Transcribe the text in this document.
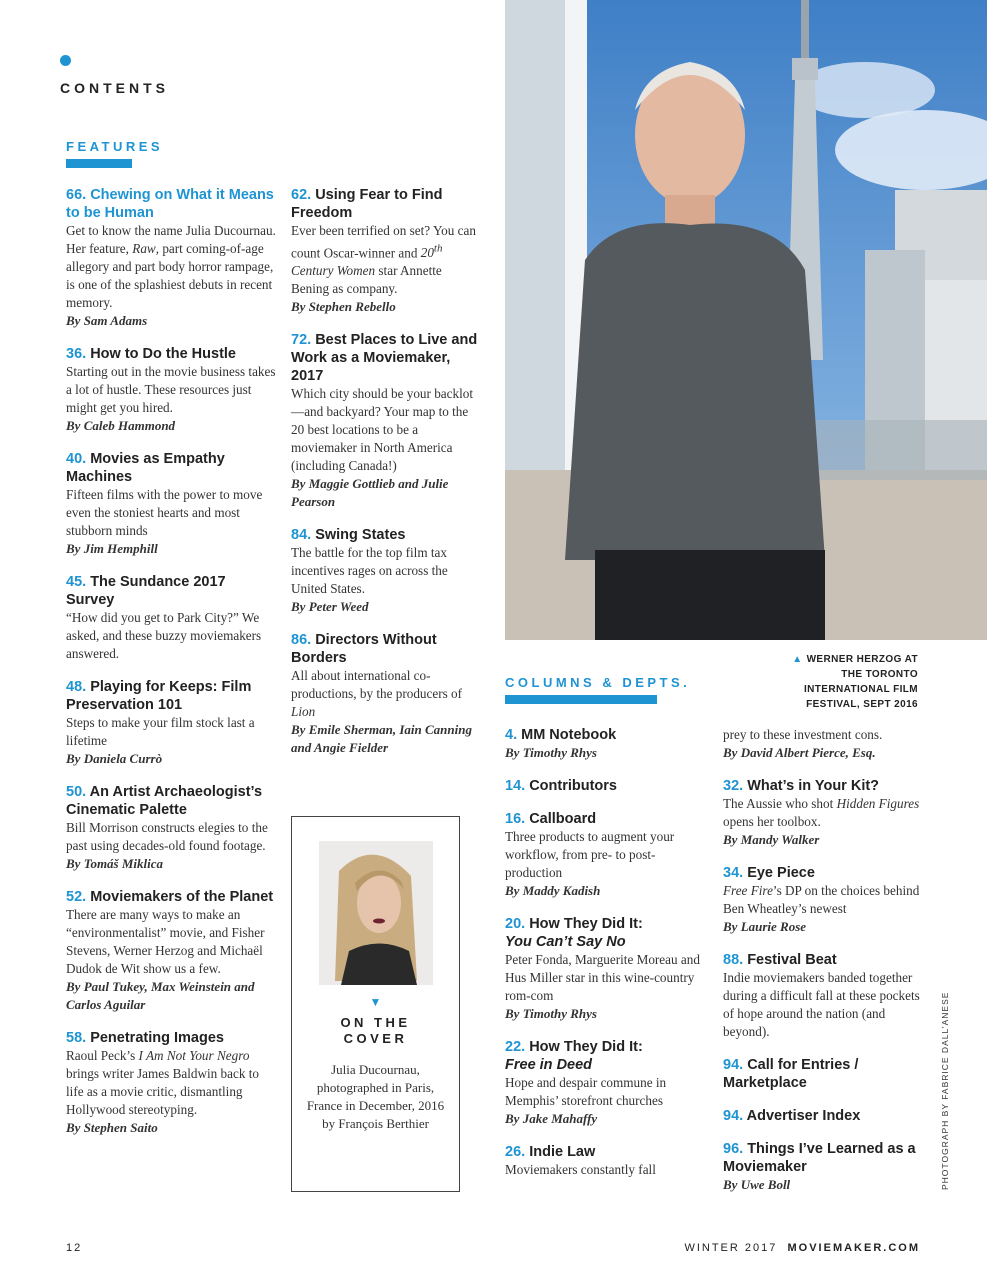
CONTENTS
FEATURES
66. Chewing on What it Means to be Human
Get to know the name Julia Ducournau. Her feature, Raw, part coming-of-age allegory and part body horror rampage, is one of the splashiest debuts in recent memory.
By Sam Adams
36. How to Do the Hustle
Starting out in the movie business takes a lot of hustle. These resources just might get you hired.
By Caleb Hammond
40. Movies as Empathy Machines
Fifteen films with the power to move even the stoniest hearts and most stubborn minds
By Jim Hemphill
45. The Sundance 2017 Survey
“How did you get to Park City?” We asked, and these buzzy moviemakers answered.
48. Playing for Keeps: Film Preservation 101
Steps to make your film stock last a lifetime
By Daniela Currò
50. An Artist Archaeologist’s Cinematic Palette
Bill Morrison constructs elegies to the past using decades-old found footage.
By Tomáš Miklica
52. Moviemakers of the Planet
There are many ways to make an “environmentalist” movie, and Fisher Stevens, Werner Herzog and Michaël Dudok de Wit show us a few.
By Paul Tukey, Max Weinstein and Carlos Aguilar
58. Penetrating Images
Raoul Peck’s I Am Not Your Negro brings writer James Baldwin back to life as a movie critic, dismantling Hollywood stereotyping.
By Stephen Saito
62. Using Fear to Find Freedom
Ever been terrified on set? You can count Oscar-winner and 20th Century Women star Annette Bening as company.
By Stephen Rebello
72. Best Places to Live and Work as a Moviemaker, 2017
Which city should be your backlot—and backyard? Your map to the 20 best locations to be a moviemaker in North America (including Canada!)
By Maggie Gottlieb and Julie Pearson
84. Swing States
The battle for the top film tax incentives rages on across the United States.
By Peter Weed
86. Directors Without Borders
All about international co-productions, by the producers of Lion
By Emile Sherman, Iain Canning and Angie Fielder
▲ WERNER HERZOG AT THE TORONTO INTERNATIONAL FILM FESTIVAL, SEPT 2016
COLUMNS & DEPTS.
4. MM Notebook
By Timothy Rhys
14. Contributors
16. Callboard
Three products to augment your workflow, from pre- to post-production
By Maddy Kadish
20. How They Did It:
You Can’t Say No
Peter Fonda, Marguerite Moreau and Hus Miller star in this wine-country rom-com
By Timothy Rhys
22. How They Did It:
Free in Deed
Hope and despair commune in Memphis’ storefront churches
By Jake Mahaffy
26. Indie Law
Moviemakers constantly fall
prey to these investment cons.
By David Albert Pierce, Esq.
32. What’s in Your Kit?
The Aussie who shot Hidden Figures opens her toolbox.
By Mandy Walker
34. Eye Piece
Free Fire’s DP on the choices behind Ben Wheatley’s newest
By Laurie Rose
88. Festival Beat
Indie moviemakers banded together during a difficult fall at these pockets of hope around the nation (and beyond).
94. Call for Entries / Marketplace
94. Advertiser Index
96. Things I’ve Learned as a Moviemaker
By Uwe Boll
▼
ON THE COVER
Julia Ducournau, photographed in Paris, France in December, 2016 by François Berthier	PHOTOGRAPH BY FABRICE DALL’ANESE
12	WINTER 2017 MOVIEMAKER.COM
